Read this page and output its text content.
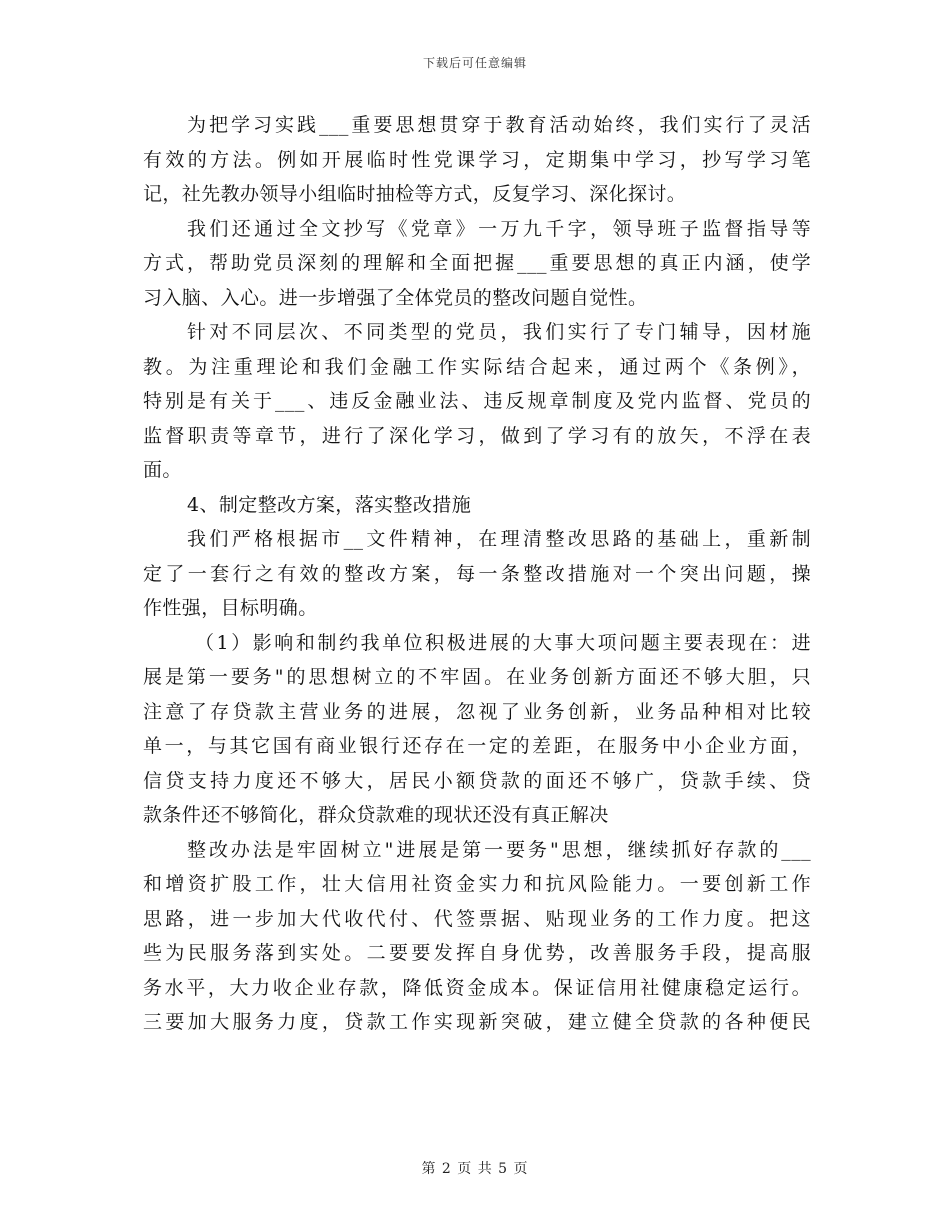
下载后可任意编辑
为把学习实践___重要思想贯穿于教育活动始终，我们实行了灵活
有效的方法。例如开展临时性党课学习，定期集中学习，抄写学习笔
记，社先教办领导小组临时抽检等方式，反复学习、深化探讨。
我们还通过全文抄写《党章》一万九千字，领导班子监督指导等
方式，帮助党员深刻的理解和全面把握___重要思想的真正内涵，使学
习入脑、入心。进一步增强了全体党员的整改问题自觉性。
针对不同层次、不同类型的党员，我们实行了专门辅导，因材施
教。为注重理论和我们金融工作实际结合起来，通过两个《条例》，
特别是有关于___、违反金融业法、违反规章制度及党内监督、党员的
监督职责等章节，进行了深化学习，做到了学习有的放矢，不浮在表
面。
4、制定整改方案，落实整改措施
我们严格根据市__文件精神，在理清整改思路的基础上，重新制
定了一套行之有效的整改方案，每一条整改措施对一个突出问题，操
作性强，目标明确。
（1）影响和制约我单位积极进展的大事大项问题主要表现在：进
展是第一要务"的思想树立的不牢固。在业务创新方面还不够大胆，只
注意了存贷款主营业务的进展，忽视了业务创新，业务品种相对比较
单一，与其它国有商业银行还存在一定的差距，在服务中小企业方面，
信贷支持力度还不够大，居民小额贷款的面还不够广，贷款手续、贷
款条件还不够简化，群众贷款难的现状还没有真正解决
整改办法是牢固树立"进展是第一要务"思想，继续抓好存款的___
和增资扩股工作，壮大信用社资金实力和抗风险能力。一要创新工作
思路，进一步加大代收代付、代签票据、贴现业务的工作力度。把这
些为民服务落到实处。二要要发挥自身优势，改善服务手段，提高服
务水平，大力收企业存款，降低资金成本。保证信用社健康稳定运行。
三要加大服务力度，贷款工作实现新突破，建立健全贷款的各种便民
第 2 页 共 5 页
